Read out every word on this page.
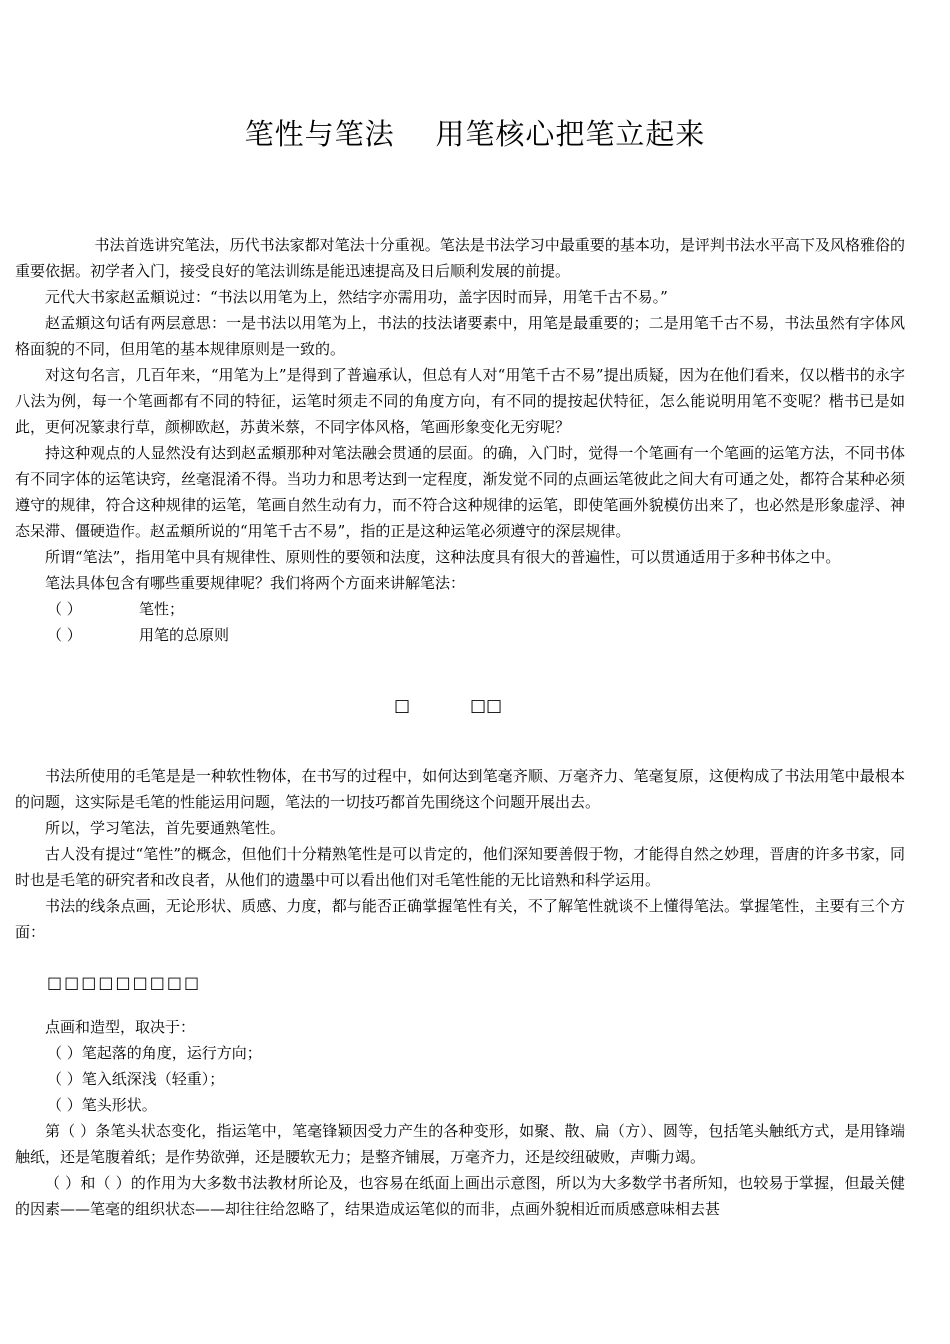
笔性与笔法    用笔核心把笔立起来

书法首选讲究笔法，历代书法家都对笔法十分重视。笔法是书法学习中最重要的基本功，是评判书法水平高下及风格雅俗的重要依据。初学者入门，接受良好的笔法训练是能迅速提高及日后顺利发展的前提。

元代大书家赵孟頫说过：“书法以用笔为上，然结字亦需用功，盖字因时而异，用笔千古不易。”

赵孟頫这句话有两层意思：一是书法以用笔为上，书法的技法诸要素中，用笔是最重要的；二是用笔千古不易，书法虽然有字体风格面貌的不同，但用笔的基本规律原则是一致的。

对这句名言，几百年来，“用笔为上”是得到了普遍承认，但总有人对“用笔千古不易”提出质疑，因为在他们看来，仅以楷书的永字八法为例，每一个笔画都有不同的特征，运笔时须走不同的角度方向，有不同的提按起伏特征，怎么能说明用笔不变呢？楷书已是如此，更何况篆隶行草，颜柳欧赵，苏黄米蔡，不同字体风格，笔画形象变化无穷呢？

持这种观点的人显然没有达到赵孟頫那种对笔法融会贯通的层面。的确，入门时，觉得一个笔画有一个笔画的运笔方法，不同书体有不同字体的运笔诀窍，丝毫混淆不得。当功力和思考达到一定程度，渐发觉不同的点画运笔彼此之间大有可通之处，都符合某种必须遵守的规律，符合这种规律的运笔，笔画自然生动有力，而不符合这种规律的运笔，即使笔画外貌模仿出来了，也必然是形象虚浮、神态呆滞、僵硬造作。赵孟頫所说的“用笔千古不易”，指的正是这种运笔必须遵守的深层规律。

所谓“笔法”，指用笔中具有规律性、原则性的要领和法度，这种法度具有很大的普遍性，可以贯通适用于多种书体之中。

笔法具体包含有哪些重要规律呢？我们将两个方面来讲解笔法：

（ ）	笔性；
（ ）	用笔的总原则
□	□□

书法所使用的毛笔是是一种软性物体，在书写的过程中，如何达到笔毫齐顺、万毫齐力、笔毫复原，这便构成了书法用笔中最根本的问题，这实际是毛笔的性能运用问题，笔法的一切技巧都首先围绕这个问题开展出去。

所以，学习笔法，首先要通熟笔性。

古人没有提过“笔性”的概念，但他们十分精熟笔性是可以肯定的，他们深知要善假于物，才能得自然之妙理，晋唐的许多书家，同时也是毛笔的研究者和改良者，从他们的遗墨中可以看出他们对毛笔性能的无比谙熟和科学运用。

书法的线条点画，无论形状、质感、力度，都与能否正确掌握笔性有关，不了解笔性就谈不上懂得笔法。掌握笔性，主要有三个方面：

□□□□□□□□□

点画和造型，取决于：

（ ）笔起落的角度，运行方向；
（ ）笔入纸深浅（轻重）；
（ ）笔头形状。

第（ ）条笔头状态变化，指运笔中，笔毫锋颖因受力产生的各种变形，如聚、散、扁（方）、圆等，包括笔头触纸方式，是用锋端触纸，还是笔腹着纸；是作势欲弹，还是腰软无力；是整齐铺展，万毫齐力，还是绞纽破败，声嘶力竭。

（ ）和（ ）的作用为大多数书法教材所论及，也容易在纸面上画出示意图，所以为大多数学书者所知，也较易于掌握，但最关健的因素——笔毫的组织状态——却往往给忽略了，结果造成运笔似的而非，点画外貌相近而质感意味相去甚
